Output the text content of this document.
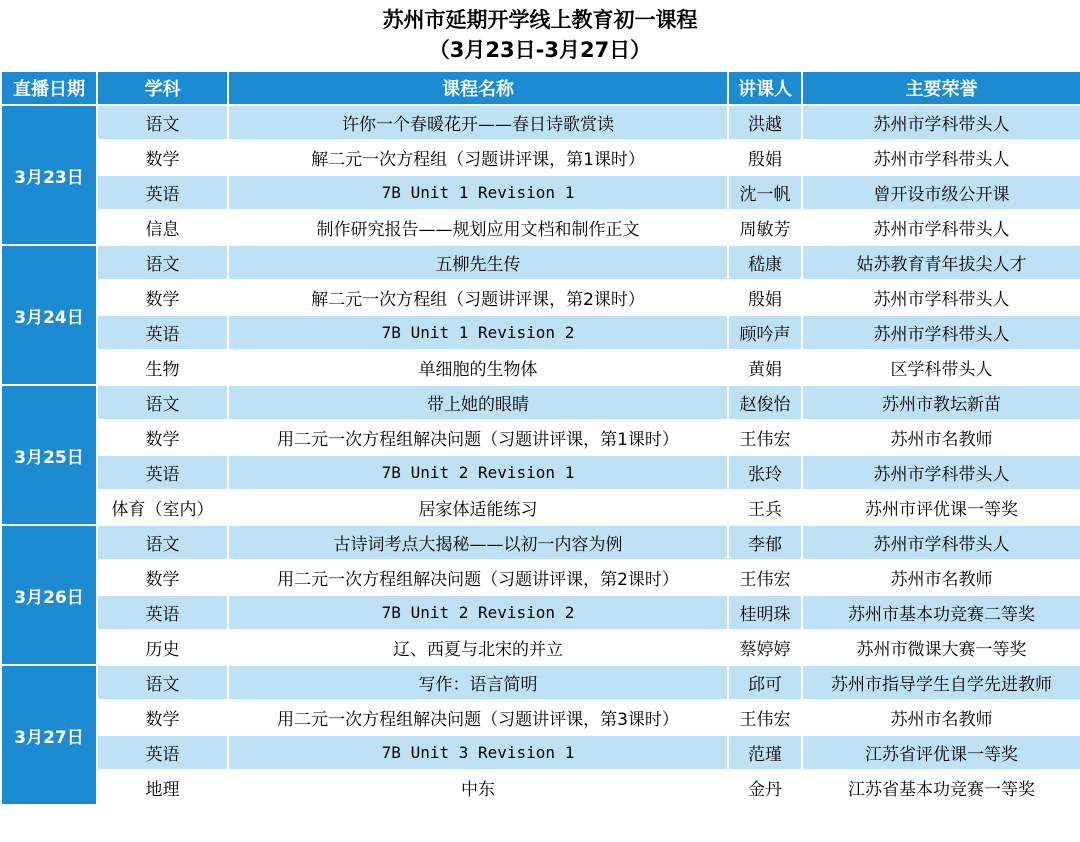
苏州市延期开学线上教育初一课程
（3月23日-3月27日）
直播日期	学科	课程名称	讲课人	主要荣誉
3月23日	语文	许你一个春暖花开——春日诗歌赏读	洪越	苏州市学科带头人
	数学	解二元一次方程组（习题讲评课，第1课时）	殷娟	苏州市学科带头人
	英语	7B Unit 1 Revision 1	沈一帆	曾开设市级公开课
	信息	制作研究报告——规划应用文档和制作正文	周敏芳	苏州市学科带头人
3月24日	语文	五柳先生传	嵇康	姑苏教育青年拔尖人才
	数学	解二元一次方程组（习题讲评课，第2课时）	殷娟	苏州市学科带头人
	英语	7B Unit 1 Revision 2	顾吟声	苏州市学科带头人
	生物	单细胞的生物体	黄娟	区学科带头人
3月25日	语文	带上她的眼睛	赵俊怡	苏州市教坛新苗
	数学	用二元一次方程组解决问题（习题讲评课，第1课时）	王伟宏	苏州市名教师
	英语	7B Unit 2 Revision 1	张玲	苏州市学科带头人
	体育（室内）	居家体适能练习	王兵	苏州市评优课一等奖
3月26日	语文	古诗词考点大揭秘——以初一内容为例	李郁	苏州市学科带头人
	数学	用二元一次方程组解决问题（习题讲评课，第2课时）	王伟宏	苏州市名教师
	英语	7B Unit 2 Revision 2	桂明珠	苏州市基本功竞赛二等奖
	历史	辽、西夏与北宋的并立	蔡婷婷	苏州市微课大赛一等奖
3月27日	语文	写作：语言简明	邱可	苏州市指导学生自学先进教师
	数学	用二元一次方程组解决问题（习题讲评课，第3课时）	王伟宏	苏州市名教师
	英语	7B Unit 3 Revision 1	范瑾	江苏省评优课一等奖
	地理	中东	金丹	江苏省基本功竞赛一等奖
